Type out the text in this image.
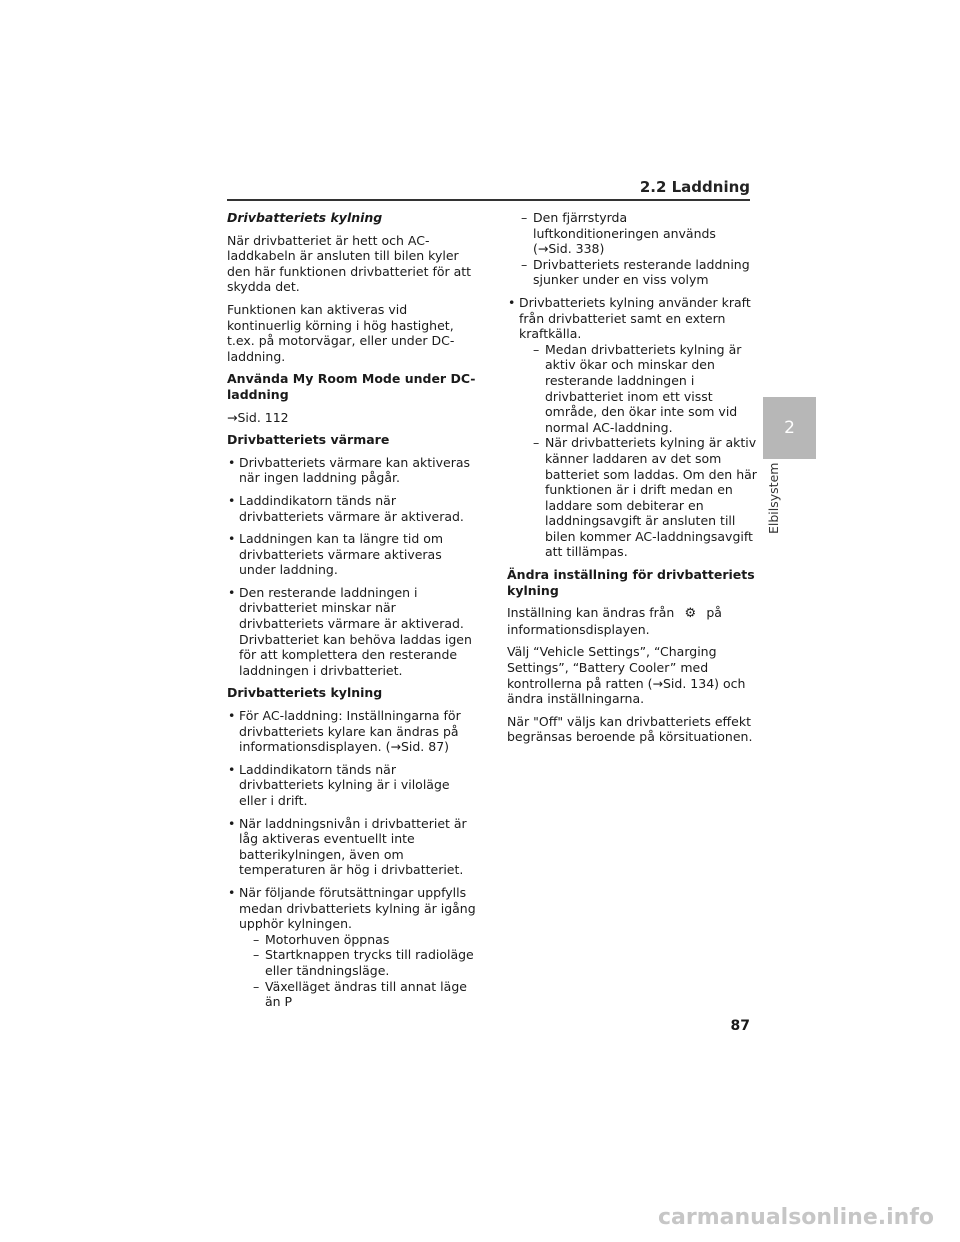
2.2 Laddning
2
Elbilsystem

Drivbatteriets kylning

När drivbatteriet är hett och AC-laddkabeln är ansluten till bilen kyler den här funktionen drivbatteriet för att skydda det.

Funktionen kan aktiveras vid kontinuerlig körning i hög hastighet, t.ex. på motorvägar, eller under DC-laddning.

Använda My Room Mode under DC-laddning

→Sid. 112

Drivbatteriets värmare

• Drivbatteriets värmare kan aktiveras när ingen laddning pågår.
• Laddindikatorn tänds när drivbatteriets värmare är aktiverad.
• Laddningen kan ta längre tid om drivbatteriets värmare aktiveras under laddning.
• Den resterande laddningen i drivbatteriet minskar när drivbatteriets värmare är aktiverad. Drivbatteriet kan behöva laddas igen för att komplettera den resterande laddningen i drivbatteriet.

Drivbatteriets kylning

• För AC-laddning: Inställningarna för drivbatteriets kylare kan ändras på informationsdisplayen. (→Sid. 87)
• Laddindikatorn tänds när drivbatteriets kylning är i viloläge eller i drift.
• När laddningsnivån i drivbatteriet är låg aktiveras eventuellt inte batterikylningen, även om temperaturen är hög i drivbatteriet.
• När följande förutsättningar uppfylls medan drivbatteriets kylning är igång upphör kylningen.
– Motorhuven öppnas
– Startknappen trycks till radioläge eller tändningsläge.
– Växelläget ändras till annat läge än P
– Den fjärrstyrda luftkonditioneringen används (→Sid. 338)
– Drivbatteriets resterande laddning sjunker under en viss volym
• Drivbatteriets kylning använder kraft från drivbatteriet samt en extern kraftkälla.
– Medan drivbatteriets kylning är aktiv ökar och minskar den resterande laddningen i drivbatteriet inom ett visst område, den ökar inte som vid normal AC-laddning.
– När drivbatteriets kylning är aktiv känner laddaren av det som batteriet som laddas. Om den här funktionen är i drift medan en laddare som debiterar en laddningsavgift är ansluten till bilen kommer AC-laddningsavgift att tillämpas.

Ändra inställning för drivbatteriets kylning

Inställning kan ändras från ⚙ på informationsdisplayen.

Välj “Vehicle Settings”, “Charging Settings”, “Battery Cooler” med kontrollerna på ratten (→Sid. 134) och ändra inställningarna.

När "Off" väljs kan drivbatteriets effekt begränsas beroende på körsituationen.

87
carmanualsonline.info
